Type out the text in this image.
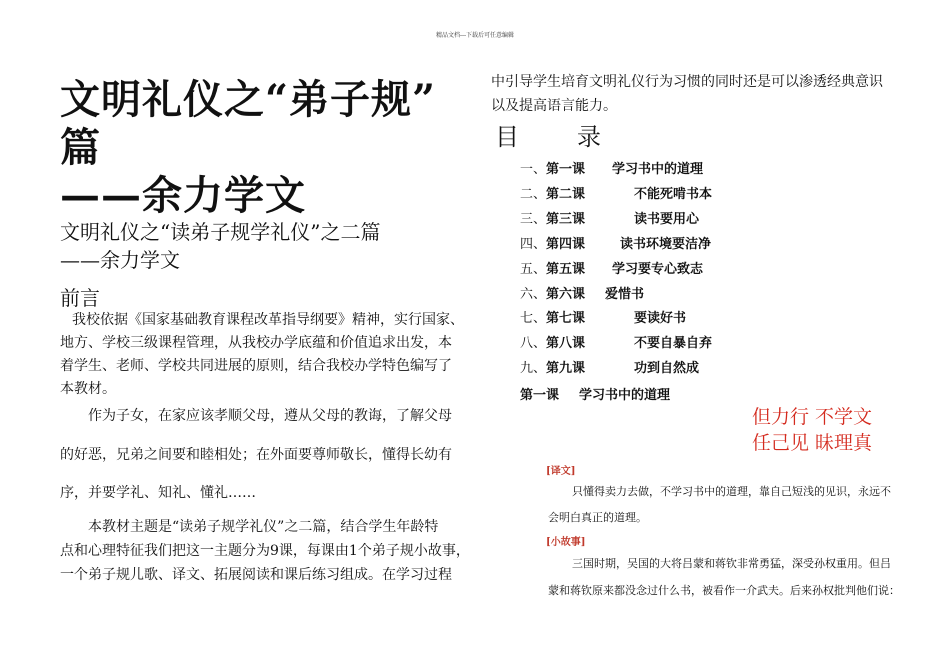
精品文档---下载后可任意编辑
文明礼仪之“弟子规”
篇
——余力学文
文明礼仪之“读弟子规学礼仪”之二篇
——余力学文
前言
我校依据《国家基础教育课程改革指导纲要》精神，实行国家、
地方、学校三级课程管理，从我校办学底蕴和价值追求出发，本
着学生、老师、学校共同进展的原则，结合我校办学特色编写了
本教材。
作为子女，在家应该孝顺父母，遵从父母的教诲，了解父母
的好恶，兄弟之间要和睦相处；在外面要尊师敬长，懂得长幼有
序，并要学礼、知礼、懂礼……
本教材主题是“读弟子规学礼仪”之二篇，结合学生年龄特
点和心理特征我们把这一主题分为9课，每课由1个弟子规小故事，
一个弟子规儿歌、译文、拓展阅读和课后练习组成。在学习过程
中引导学生培育文明礼仪行为习惯的同时还是可以渗透经典意识
以及提高语言能力。
目 录
一、第一课 学习书中的道理
二、第二课	不能死啃书本
三、第三课	读书要用心
四、第四课	读书环境要洁净
五、第五课 学习要专心致志
六、第六课 爱惜书
七、第七课	要读好书
八、第八课	不要自暴自弃
九、第九课	功到自然成
第一课 学习书中的道理
但力行 不学文
任己见 昧理真
[译文]
只懂得卖力去做，不学习书中的道理，靠自己短浅的见识，永远不
会明白真正的道理。
[小故事]
三国时期，吴国的大将吕蒙和蒋钦非常勇猛，深受孙权重用。但吕
蒙和蒋钦原来都没念过什么书，被看作一介武夫。后来孙权批判他们说：
